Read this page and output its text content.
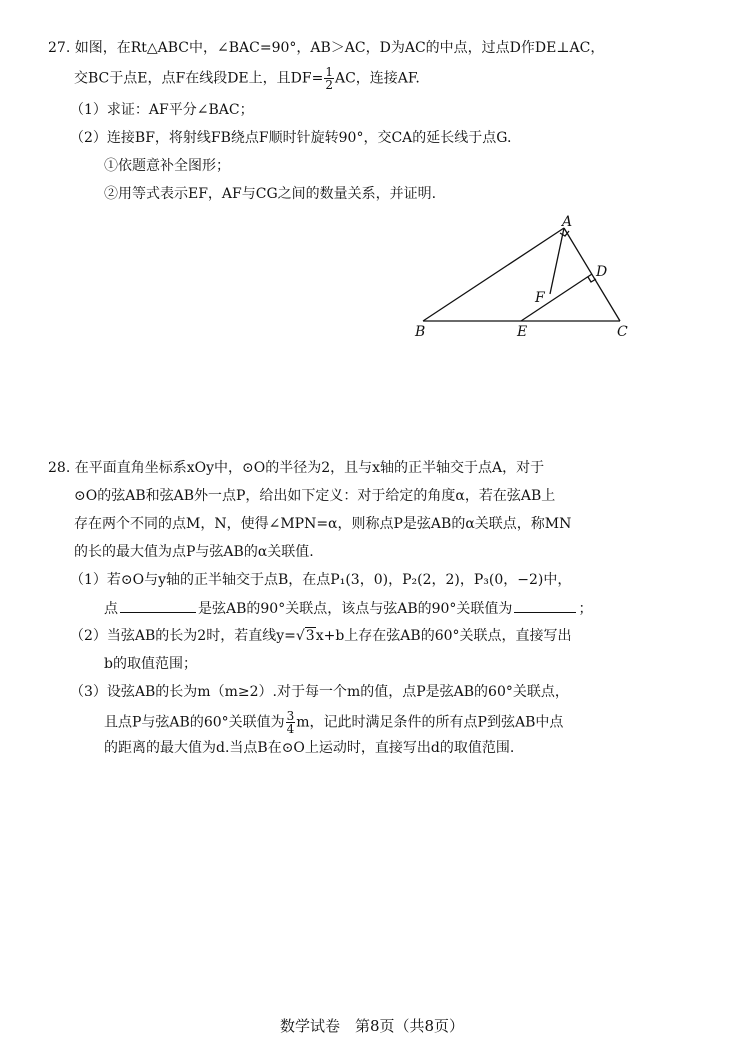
27. 如图，在Rt△ABC中，∠BAC=90°，AB＞AC，D为AC的中点，过点D作DE⊥AC，
交BC于点E，点F在线段DE上，且$DF= \frac{1}{2}$ AC，连接AF.
（1）求证：AF平分∠BAC；
（2）连接BF，将射线FB绕点F顺时针旋转90°，交CA的延长线于点G.
①依题意补全图形；
②用等式表示EF，AF与CG之间的数量关系，并证明.
A
B	C
D
E
F
28. 在平面直角坐标系xOy中，⊙O的半径为2，且与x轴的正半轴交于点A，对于
⊙O的弦AB和弦AB外一点P，给出如下定义：对于给定的角度α，若在弦AB上
存在两个不同的点M，N，使得∠MPN=α，则称点P是弦AB的α关联点，称MN
的长的最大值为点P与弦AB的α关联值.
（1）若⊙O与y轴的正半轴交于点B，在点P₁(3，0)，P₂(2，2)，P₃(0，−2)中，
点	是弦AB的90°关联点，该点与弦AB的90°关联值为	；
（2）当弦AB的长为2时，若直线y=√3x+b上存在弦AB的60°关联点，直接写出
b的取值范围；
（3）设弦AB的长为m（m≥2）.对于每一个m的值，点P是弦AB的60°关联点，
且点P与弦AB的60°关联值为 $\frac{3}{4}$ m，记此时满足条件的所有点P到弦AB中点
的距离的最大值为d.当点B在⊙O上运动时，直接写出d的取值范围.
数学试卷　第8页（共8页）
